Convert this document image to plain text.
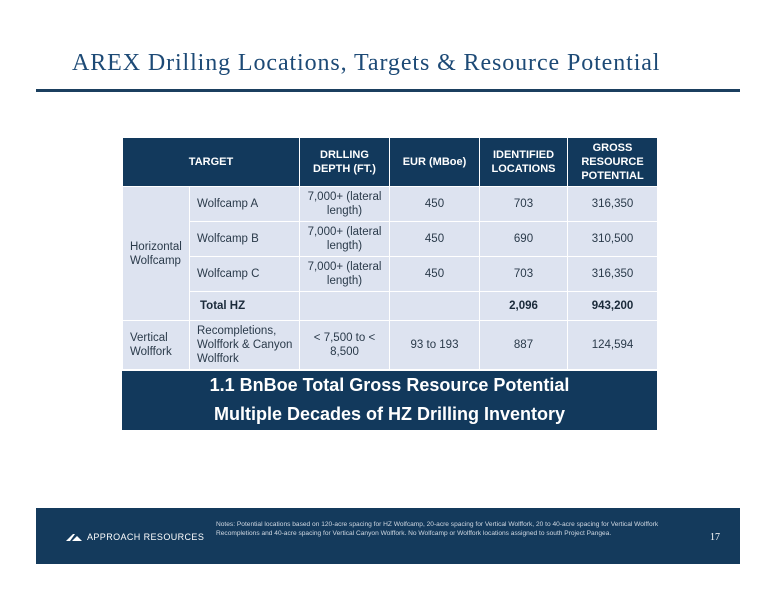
AREX Drilling Locations, Targets & Resource Potential
TARGET		DRLLING DEPTH (FT.)	EUR (MBoe)	IDENTIFIED LOCATIONS	GROSS RESOURCE POTENTIAL
Horizontal Wolfcamp	Wolfcamp A	7,000+ (lateral length)	450	703	316,350
	Wolfcamp B	7,000+ (lateral length)	450	690	310,500
	Wolfcamp C	7,000+ (lateral length)	450	703	316,350
	Total HZ			2,096	943,200
Vertical Wolffork	Recompletions, Wolffork & Canyon Wolffork	< 7,500 to < 8,500	93 to 193	887	124,594
1.1 BnBoe Total Gross Resource Potential
Multiple Decades of HZ Drilling Inventory
APPROACH RESOURCES
Notes: Potential locations based on 120-acre spacing for HZ Wolfcamp, 20-acre spacing for Vertical Wolffork, 20 to 40-acre spacing for Vertical Wolffork Recompletions and 40-acre spacing for Vertical Canyon Wolffork. No Wolfcamp or Wolffork locations assigned to south Project Pangea.	17
